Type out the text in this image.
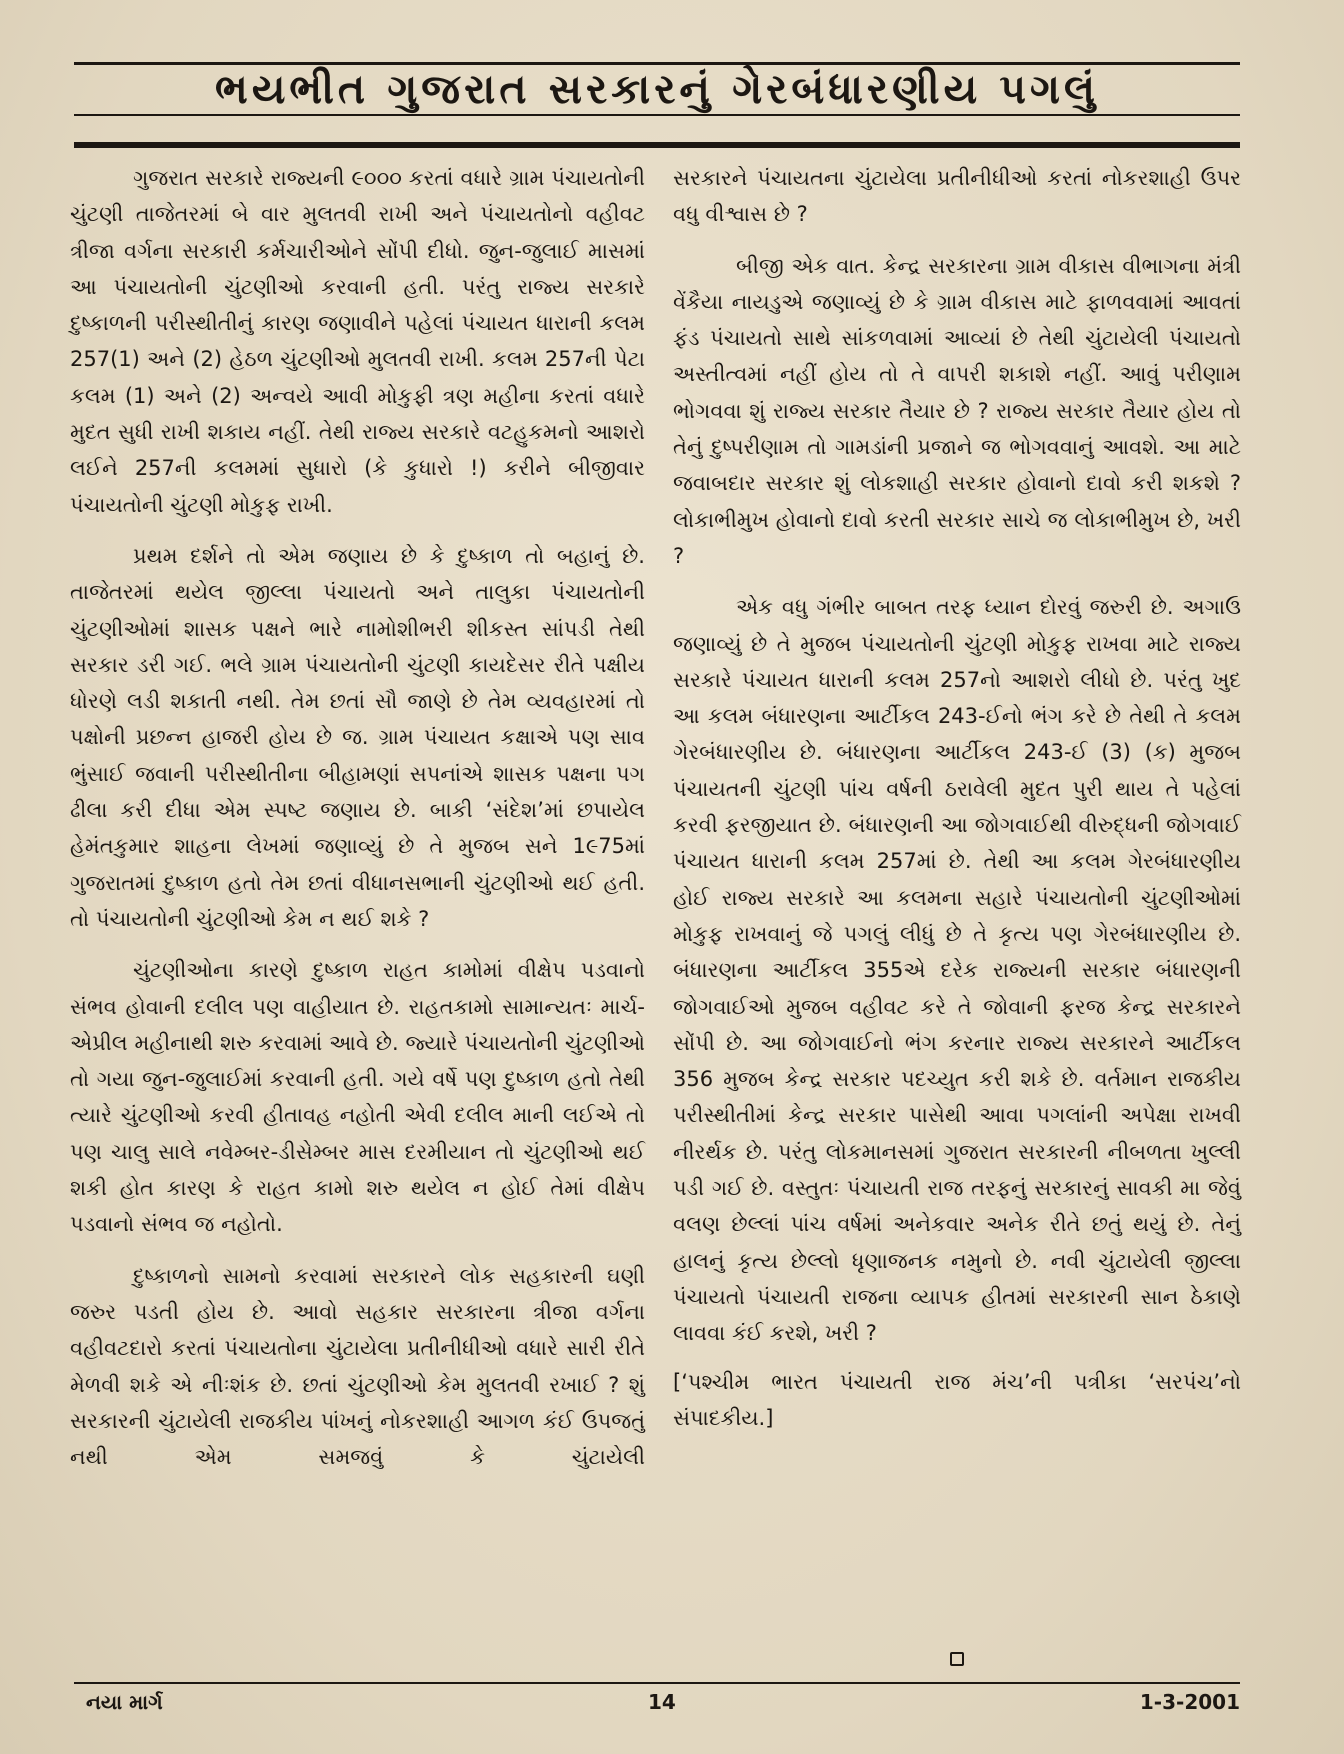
ભયભીત ગુજરાત સરકારનું ગેરબંધારણીય પગલું

ગુજરાત સરકારે રાજ્યની ૯૦૦૦ કરતાં વધારે ગ્રામ પંચાયતોની ચુંટણી તાજેતરમાં બે વાર મુલતવી રાખી અને પંચાયતોનો વહીવટ ત્રીજા વર્ગના સરકારી કર્મચારીઓને સોંપી દીધો. જુન-જુલાઈ માસમાં આ પંચાયતોની ચુંટણીઓ કરવાની હતી. પરંતુ રાજ્ય સરકારે દુષ્કાળની પરીસ્થીતીનું કારણ જણાવીને પહેલાં પંચાયત ધારાની કલમ 257(1) અને (2) હેઠળ ચુંટણીઓ મુલતવી રાખી. કલમ 257ની પેટા કલમ (1) અને (2) અન્વયે આવી મોકુફી ત્રણ મહીના કરતાં વધારે મુદત સુધી રાખી શકાય નહીં. તેથી રાજ્ય સરકારે વટહુકમનો આશરો લઈને 257ની કલમમાં સુધારો (કે કુધારો !) કરીને બીજીવાર પંચાયતોની ચુંટણી મોકુફ રાખી.

પ્રથમ દર્શને તો એમ જણાય છે કે દુષ્કાળ તો બહાનું છે. તાજેતરમાં થયેલ જીલ્લા પંચાયતો અને તાલુકા પંચાયતોની ચુંટણીઓમાં શાસક પક્ષને ભારે નામોશીભરી શીકસ્ત સાંપડી તેથી સરકાર ડરી ગઈ. ભલે ગ્રામ પંચાયતોની ચુંટણી કાયદેસર રીતે પક્ષીય ધોરણે લડી શકાતી નથી. તેમ છતાં સૌ જાણે છે તેમ વ્યવહારમાં તો પક્ષોની પ્રછન્ન હાજરી હોય છે જ. ગ્રામ પંચાયત કક્ષાએ પણ સાવ ભુંસાઈ જવાની પરીસ્થીતીના બીહામણાં સપનાંએ શાસક પક્ષના પગ ઢીલા કરી દીધા એમ સ્પષ્ટ જણાય છે. બાકી ‘સંદેશ’માં છપાયેલ હેમંતકુમાર શાહના લેખમાં જણાવ્યું છે તે મુજબ સને 1૯75માં ગુજરાતમાં દુષ્કાળ હતો તેમ છતાં વીધાનસભાની ચુંટણીઓ થઈ હતી. તો પંચાયતોની ચુંટણીઓ કેમ ન થઈ શકે ?

ચુંટણીઓના કારણે દુષ્કાળ રાહત કામોમાં વીક્ષેપ પડવાનો સંભવ હોવાની દલીલ પણ વાહીયાત છે. રાહતકામો સામાન્યતઃ માર્ચ-એપ્રીલ મહીનાથી શરુ કરવામાં આવે છે. જ્યારે પંચાયતોની ચુંટણીઓ તો ગયા જુન-જુલાઈમાં કરવાની હતી. ગયે વર્ષે પણ દુષ્કાળ હતો તેથી ત્યારે ચુંટણીઓ કરવી હીતાવહ નહોતી એવી દલીલ માની લઈએ તો પણ ચાલુ સાલે નવેમ્બર-ડીસેમ્બર માસ દરમીયાન તો ચુંટણીઓ થઈ શકી હોત કારણ કે રાહત કામો શરુ થયેલ ન હોઈ તેમાં વીક્ષેપ પડવાનો સંભવ જ નહોતો.

દુષ્કાળનો સામનો કરવામાં સરકારને લોક સહકારની ઘણી જરુર પડતી હોય છે. આવો સહકાર સરકારના ત્રીજા વર્ગના વહીવટદારો કરતાં પંચાયતોના ચુંટાયેલા પ્રતીનીધીઓ વધારે સારી રીતે મેળવી શકે એ નીઃશંક છે. છતાં ચુંટણીઓ કેમ મુલતવી રખાઈ ? શું સરકારની ચુંટાયેલી રાજકીય પાંખનું નોકરશાહી આગળ કંઈ ઉપજતું નથી એમ સમજવું કે ચુંટાયેલી

સરકારને પંચાયતના ચુંટાયેલા પ્રતીનીધીઓ કરતાં નોકરશાહી ઉપર વધુ વીશ્વાસ છે ?

બીજી એક વાત. કેન્દ્ર સરકારના ગ્રામ વીકાસ વીભાગના મંત્રી વેંકૈયા નાયડુએ જણાવ્યું છે કે ગ્રામ વીકાસ માટે ફાળવવામાં આવતાં ફંડ પંચાયતો સાથે સાંકળવામાં આવ્યાં છે તેથી ચુંટાયેલી પંચાયતો અસ્તીત્વમાં નહીં હોય તો તે વાપરી શકાશે નહીં. આવું પરીણામ ભોગવવા શું રાજ્ય સરકાર તૈયાર છે ? રાજ્ય સરકાર તૈયાર હોય તો તેનું દુષ્પરીણામ તો ગામડાંની પ્રજાને જ ભોગવવાનું આવશે. આ માટે જવાબદાર સરકાર શું લોકશાહી સરકાર હોવાનો દાવો કરી શકશે ? લોકાભીમુખ હોવાનો દાવો કરતી સરકાર સાચે જ લોકાભીમુખ છે, ખરી ?

એક વધુ ગંભીર બાબત તરફ ધ્યાન દોરવું જરુરી છે. અગાઉ જણાવ્યું છે તે મુજબ પંચાયતોની ચુંટણી મોકુફ રાખવા માટે રાજ્ય સરકારે પંચાયત ધારાની કલમ 257નો આશરો લીધો છે. પરંતુ ખુદ આ કલમ બંધારણના આર્ટીકલ 243-ઈનો ભંગ કરે છે તેથી તે કલમ ગેરબંધારણીય છે. બંધારણના આર્ટીકલ 243-ઈ (3) (ક) મુજબ પંચાયતની ચુંટણી પાંચ વર્ષની ઠરાવેલી મુદત પુરી થાય તે પહેલાં કરવી ફરજીયાત છે. બંધારણની આ જોગવાઈથી વીરુદ્ધની જોગવાઈ પંચાયત ધારાની કલમ 257માં છે. તેથી આ કલમ ગેરબંધારણીય હોઈ રાજ્ય સરકારે આ કલમના સહારે પંચાયતોની ચુંટણીઓમાં મોકુફ રાખવાનું જે પગલું લીધું છે તે કૃત્ય પણ ગેરબંધારણીય છે. બંધારણના આર્ટીકલ 355એ દરેક રાજ્યની સરકાર બંધારણની જોગવાઈઓ મુજબ વહીવટ કરે તે જોવાની ફરજ કેન્દ્ર સરકારને સોંપી છે. આ જોગવાઈનો ભંગ કરનાર રાજ્ય સરકારને આર્ટીકલ 356 મુજબ કેન્દ્ર સરકાર પદચ્યુત કરી શકે છે. વર્તમાન રાજકીય પરીસ્થીતીમાં કેન્દ્ર સરકાર પાસેથી આવા પગલાંની અપેક્ષા રાખવી નીરર્થક છે. પરંતુ લોકમાનસમાં ગુજરાત સરકારની નીબળતા ખુલ્લી પડી ગઈ છે. વસ્તુતઃ પંચાયતી રાજ તરફનું સરકારનું સાવકી મા જેવું વલણ છેલ્લાં પાંચ વર્ષમાં અનેકવાર અનેક રીતે છતું થયું છે. તેનું હાલનું કૃત્ય છેલ્લો ધૃણાજનક નમુનો છે. નવી ચુંટાયેલી જીલ્લા પંચાયતો પંચાયતી રાજના વ્યાપક હીતમાં સરકારની સાન ઠેકાણે લાવવા કંઈ કરશે, ખરી ?

[‘પશ્ચીમ ભારત પંચાયતી રાજ મંચ’ની પત્રીકા ‘સરપંચ’નો સંપાદકીય.]

નયા માર્ગ	14	1-3-2001
